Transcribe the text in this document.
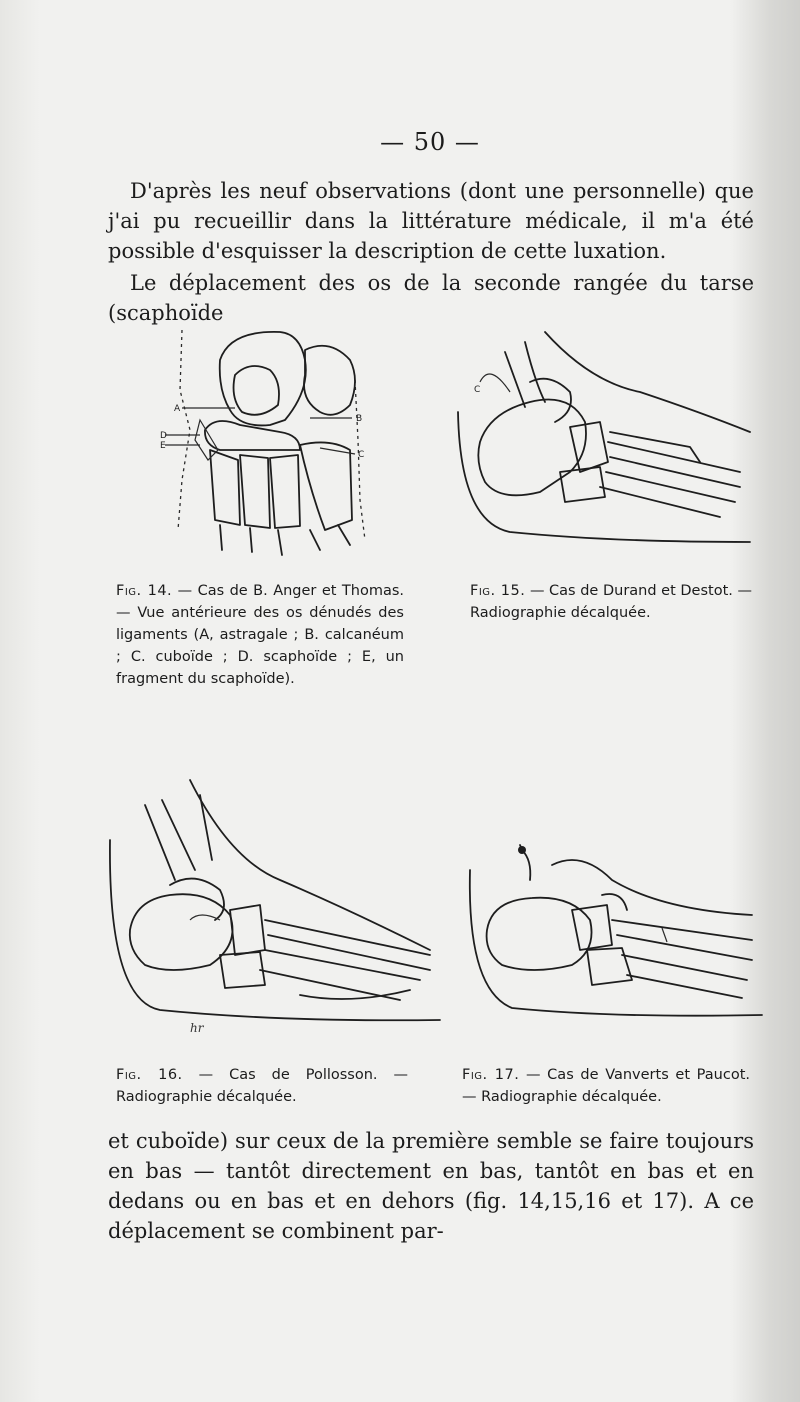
— 50 —

D'après les neuf observations (dont une personnelle) que j'ai pu recueillir dans la littérature médicale, il m'a été possible d'esquisser la description de cette luxation.

Le déplacement des os de la seconde rangée du tarse (scaphoïde

A
B
C
D
E
C
Fig. 14. — Cas de B. Anger et Thomas. — Vue antérieure des os dénudés des ligaments (A, astragale ; B. calcanéum ; C. cuboïde ; D. scaphoïde ; E, un fragment du scaphoïde).
Fig. 15. — Cas de Durand et Destot. — Radiographie décalquée.
hr
Fig. 16. — Cas de Pollosson. — Radiographie décalquée.
Fig. 17. — Cas de Vanverts et Paucot. — Radiographie décalquée.

et cuboïde) sur ceux de la première semble se faire toujours en bas — tantôt directement en bas, tantôt en bas et en dedans ou en bas et en dehors (fig. 14,15,16 et 17). A ce déplacement se combinent par-
